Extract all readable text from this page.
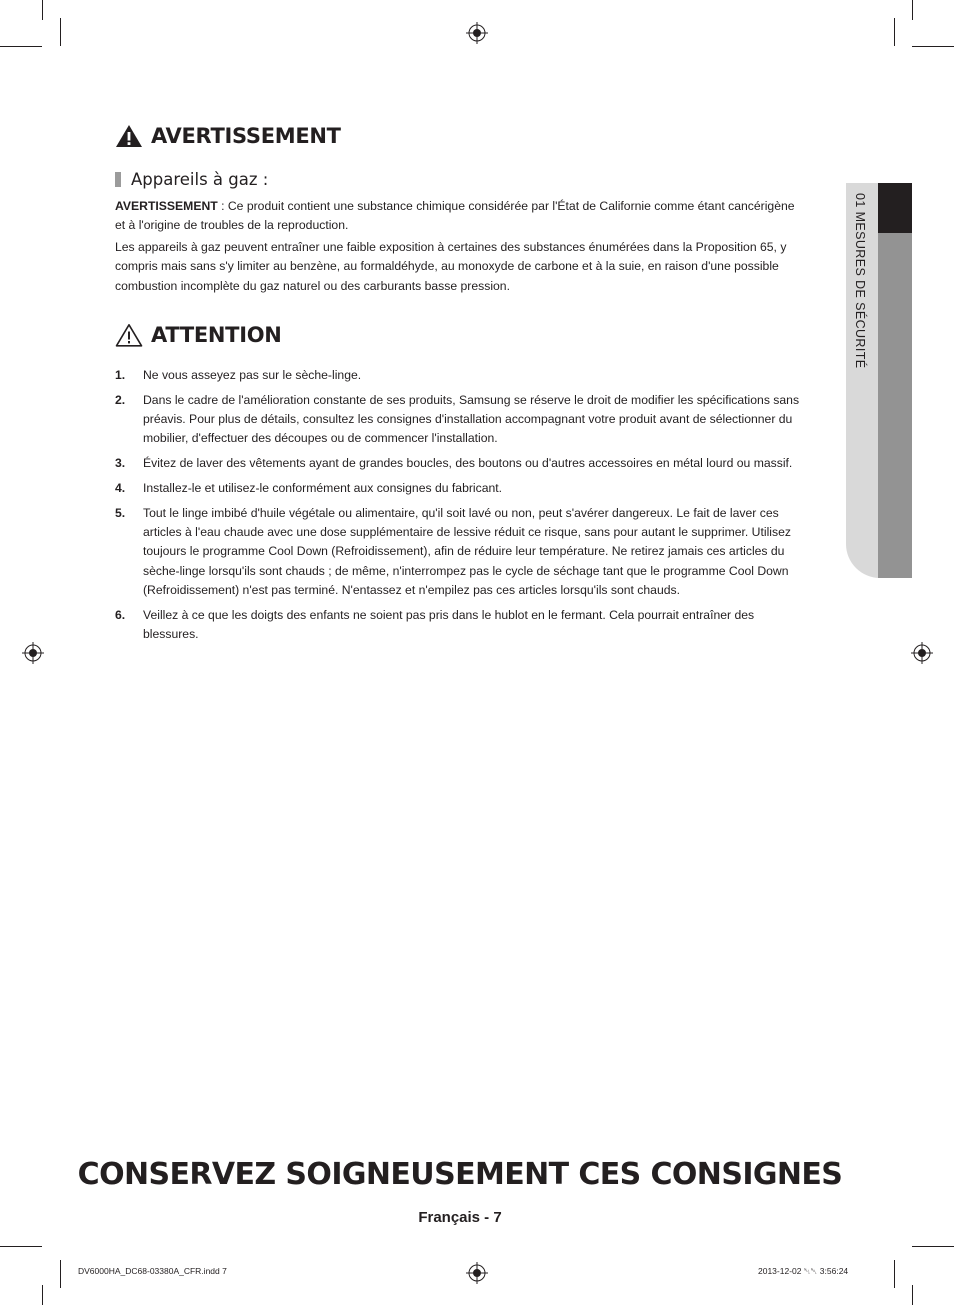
01 MESURES DE SÉCURITÉ
AVERTISSEMENT
Appareils à gaz :
AVERTISSEMENT : Ce produit contient une substance chimique considérée par l'État de Californie comme étant cancérigène et à l'origine de troubles de la reproduction.
Les appareils à gaz peuvent entraîner une faible exposition à certaines des substances énumérées dans la Proposition 65, y compris mais sans s'y limiter au benzène, au formaldéhyde, au monoxyde de carbone et à la suie, en raison d'une possible combustion incomplète du gaz naturel ou des carburants basse pression.
ATTENTION
1.	Ne vous asseyez pas sur le sèche-linge.
2.	Dans le cadre de l'amélioration constante de ses produits, Samsung se réserve le droit de modifier les spécifications sans préavis. Pour plus de détails, consultez les consignes d'installation accompagnant votre produit avant de sélectionner du mobilier, d'effectuer des découpes ou de commencer l'installation.
3.	Évitez de laver des vêtements ayant de grandes boucles, des boutons ou d'autres accessoires en métal lourd ou massif.
4.	Installez-le et utilisez-le conformément aux consignes du fabricant.
5.	Tout le linge imbibé d'huile végétale ou alimentaire, qu'il soit lavé ou non, peut s'avérer dangereux. Le fait de laver ces articles à l'eau chaude avec une dose supplémentaire de lessive réduit ce risque, sans pour autant le supprimer. Utilisez toujours le programme Cool Down (Refroidissement), afin de réduire leur température. Ne retirez jamais ces articles du sèche-linge lorsqu'ils sont chauds ; de même, n'interrompez pas le cycle de séchage tant que le programme Cool Down (Refroidissement) n'est pas terminé. N'entassez et n'empilez pas ces articles lorsqu'ils sont chauds.
6.	Veillez à ce que les doigts des enfants ne soient pas pris dans le hublot en le fermant. Cela pourrait entraîner des blessures.
CONSERVEZ SOIGNEUSEMENT CES CONSIGNES
Français - 7
DV6000HA_DC68-03380A_CFR.indd 7	2013-12-02 ␀␀ 3:56:24
